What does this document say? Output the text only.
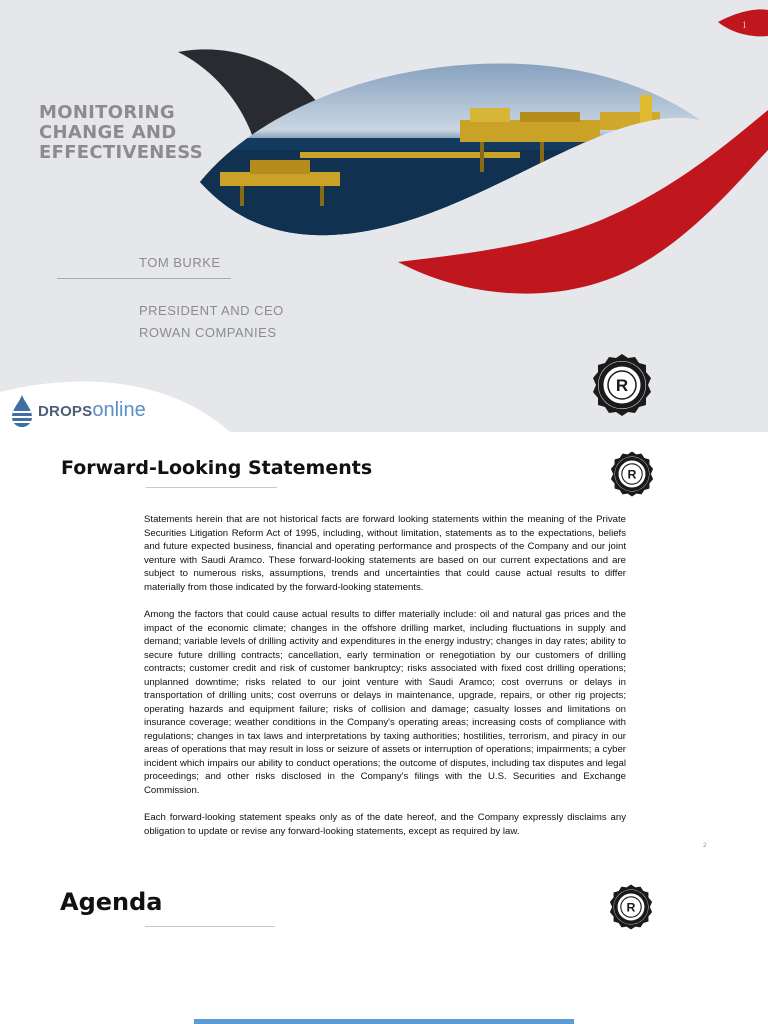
1
MONITORING
CHANGE AND
EFFECTIVENESS
TOM BURKE
PRESIDENT AND CEO
ROWAN COMPANIES
R
DROPSonline
Forward-Looking Statements	R

Statements herein that are not historical facts are forward looking statements within the meaning of the Private Securities Litigation Reform Act of 1995, including, without limitation, statements as to the expectations, beliefs and future expected business, financial and operating performance and prospects of the Company and our joint venture with Saudi Aramco. These forward-looking statements are based on our current expectations and are subject to numerous risks, assumptions, trends and uncertainties that could cause actual results to differ materially from those indicated by the forward-looking statements.

Among the factors that could cause actual results to differ materially include: oil and natural gas prices and the impact of the economic climate; changes in the offshore drilling market, including fluctuations in supply and demand; variable levels of drilling activity and expenditures in the energy industry; changes in day rates; ability to secure future drilling contracts; cancellation, early termination or renegotiation by our customers of drilling contracts; customer credit and risk of customer bankruptcy; risks associated with fixed cost drilling operations; unplanned downtime; risks related to our joint venture with Saudi Aramco; cost overruns or delays in transportation of drilling units; cost overruns or delays in maintenance, upgrade, repairs, or other rig projects; operating hazards and equipment failure; risks of collision and damage; casualty losses and limitations on insurance coverage; weather conditions in the Company's operating areas; increasing costs of compliance with regulations; changes in tax laws and interpretations by taxing authorities; hostilities, terrorism, and piracy in our areas of operations that may result in loss or seizure of assets or interruption of operations; impairments; a cyber incident which impairs our ability to conduct operations; the outcome of disputes, including tax disputes and legal proceedings; and other risks disclosed in the Company's filings with the U.S. Securities and Exchange Commission.

Each forward-looking statement speaks only as of the date hereof, and the Company expressly disclaims any obligation to update or revise any forward-looking statements, except as required by law.

2
Agenda	R
